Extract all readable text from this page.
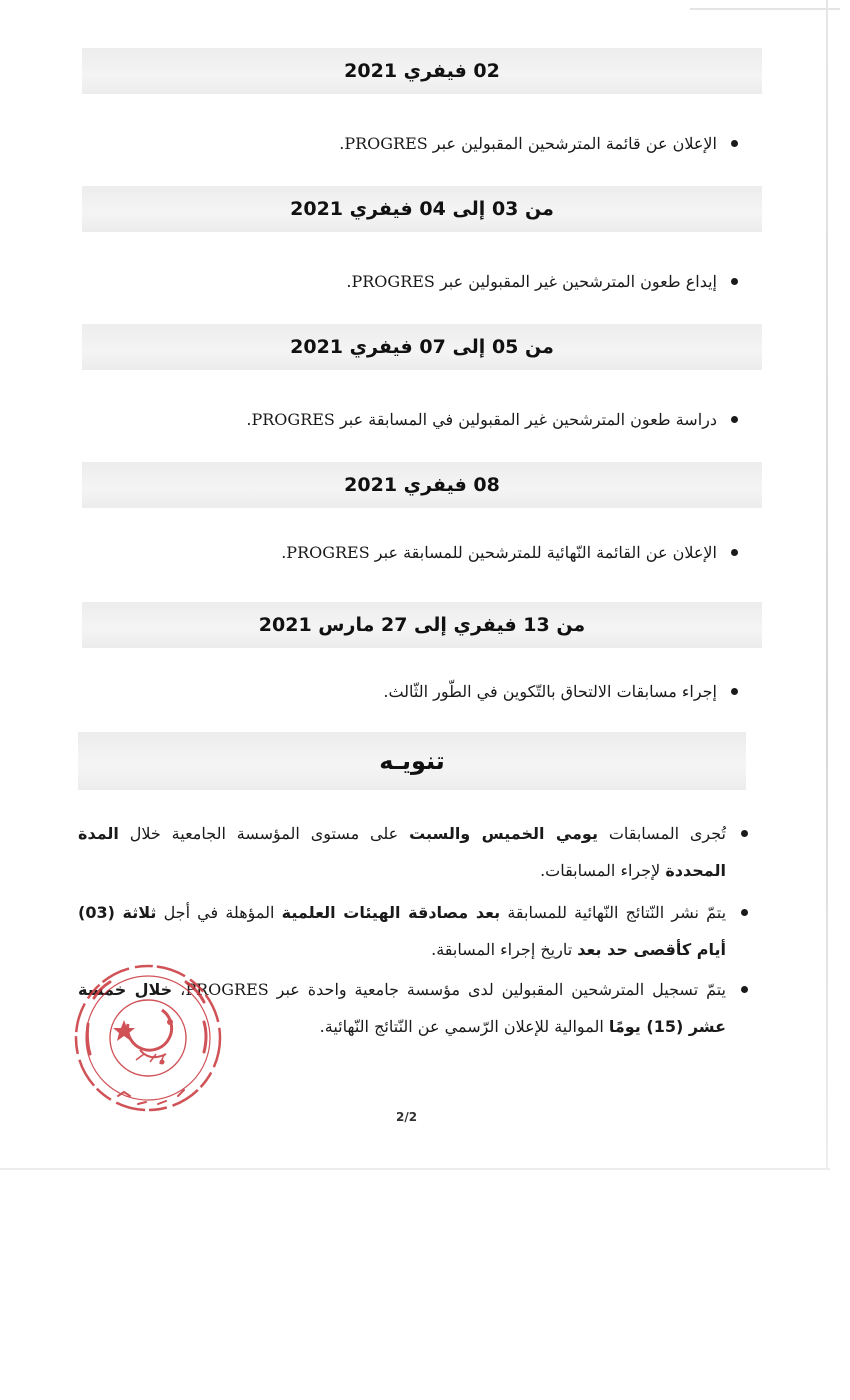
02 فيفري 2021
الإعلان عن قائمة المترشحين المقبولين عبر PROGRES.
من 03 إلى 04 فيفري 2021
إيداع طعون المترشحين غير المقبولين عبر PROGRES.
من 05 إلى 07 فيفري 2021
دراسة طعون المترشحين غير المقبولين في المسابقة عبر PROGRES.
08 فيفري 2021
الإعلان عن القائمة النّهائية للمترشحين للمسابقة عبر PROGRES.
من 13 فيفري إلى 27 مارس 2021
إجراء مسابقات الالتحاق بالتّكوين في الطّور الثّالث.
تنويـه
تُجرى المسابقات يومي الخميس والسبت على مستوى المؤسسة الجامعية خلال المدة المحددة لإجراء المسابقات.
يتمّ نشر النّتائج النّهائية للمسابقة بعد مصادقة الهيئات العلمية المؤهلة في أجل ثلاثة (03) أيام كأقصى حد بعد تاريخ إجراء المسابقة.
يتمّ تسجيل المترشحين المقبولين لدى مؤسسة جامعية واحدة عبر PROGRES، خلال خمسة عشر (15) يومًا الموالية للإعلان الرّسمي عن النّتائج النّهائية.
2/2
